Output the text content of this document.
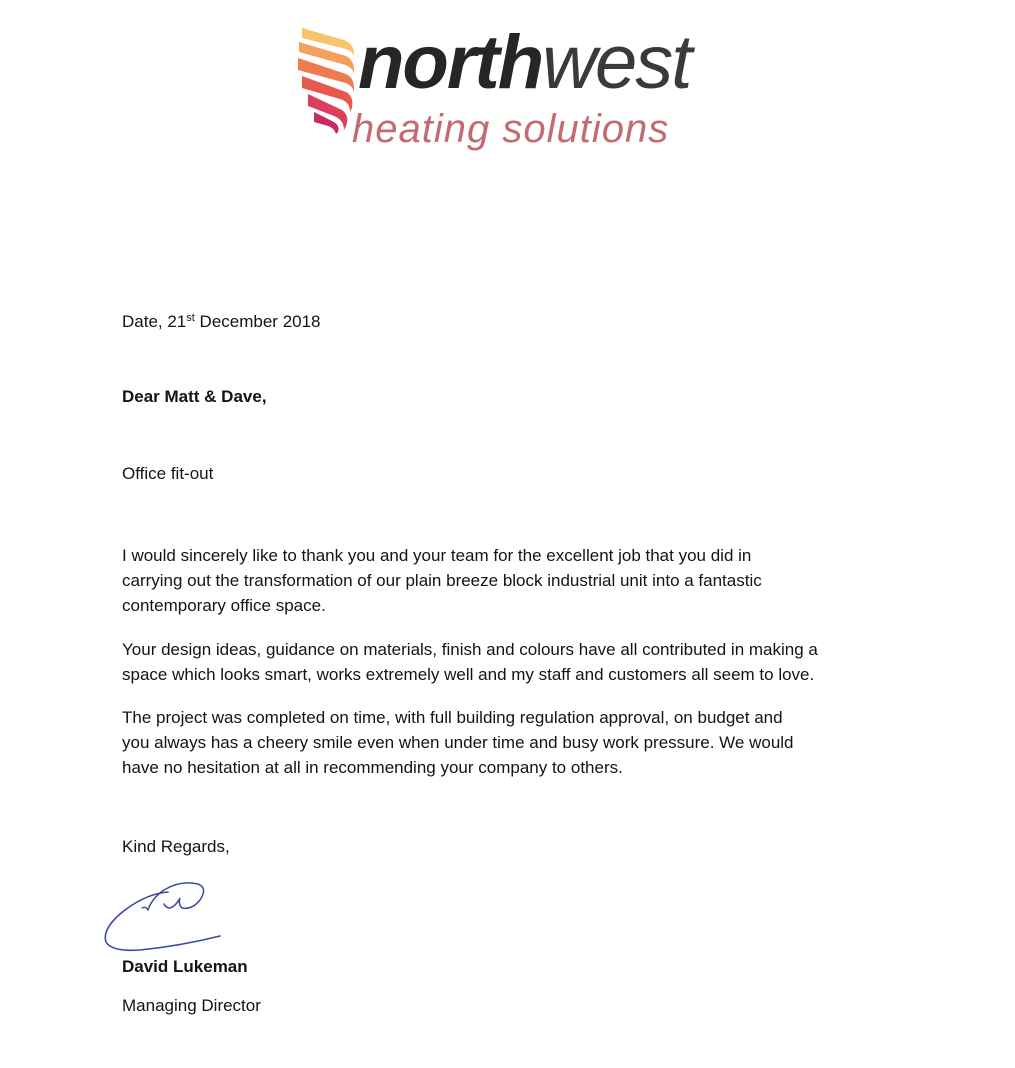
northwest
heating solutions
Date, 21st December 2018
Dear Matt & Dave,
Office fit-out
I would sincerely like to thank you and your team for the excellent job that you did in
carrying out the transformation of our plain breeze block industrial unit into a fantastic
contemporary office space.
Your design ideas, guidance on materials, finish and colours have all contributed in making a
space which looks smart, works extremely well and my staff and customers all seem to love.
The project was completed on time, with full building regulation approval, on budget and
you always has a cheery smile even when under time and busy work pressure. We would
have no hesitation at all in recommending your company to others.
Kind Regards,
David Lukeman
Managing Director
